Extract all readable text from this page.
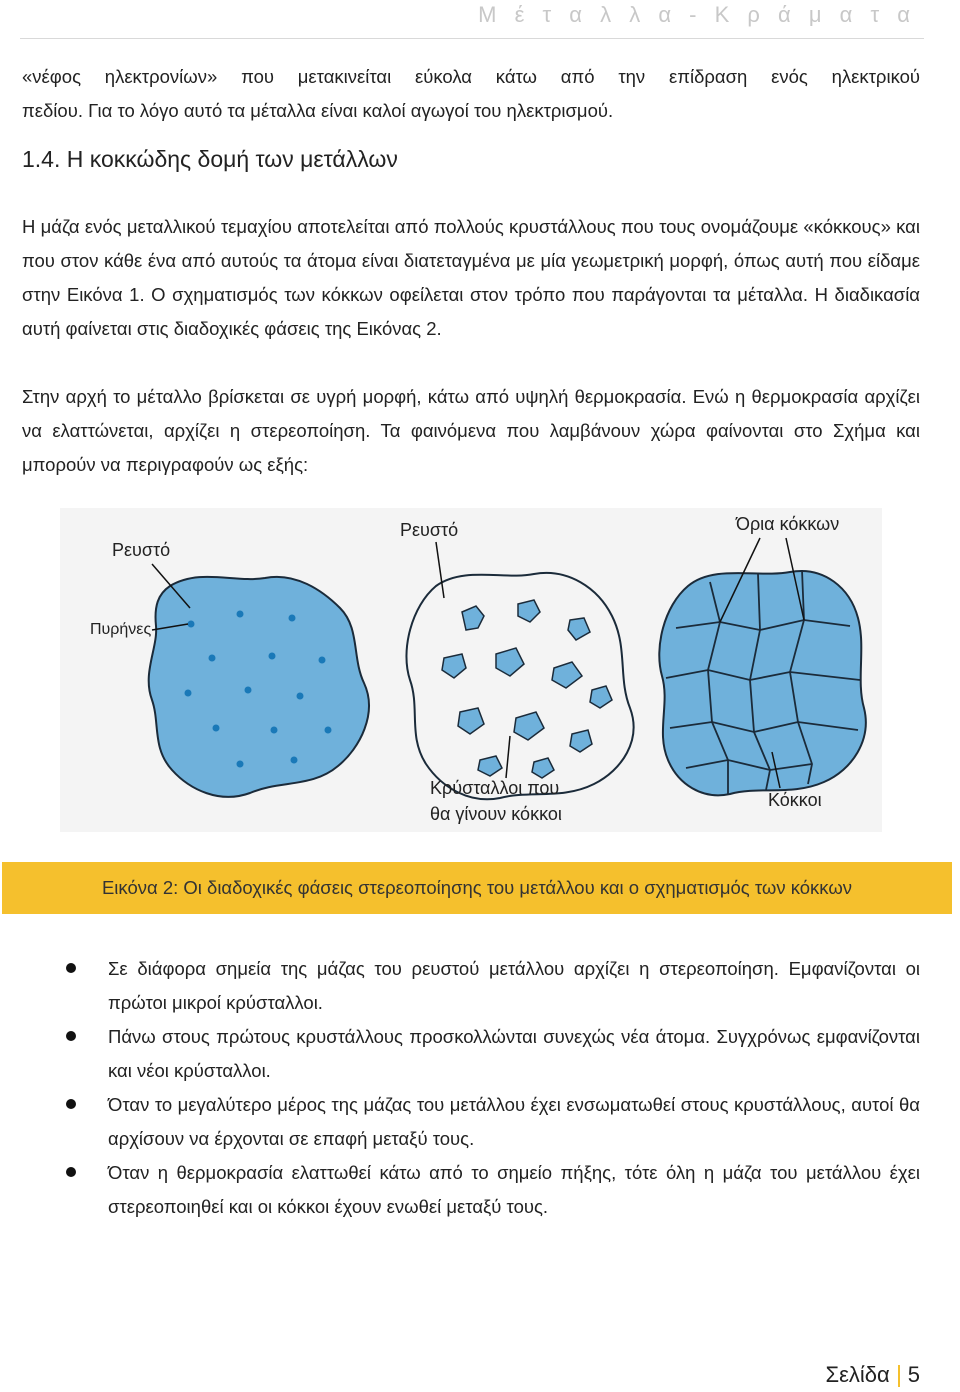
Μ έ τ α λ λ α - Κ ρ ά μ α τ α

«νέφος ηλεκτρονίων» που μετακινείται εύκολα κάτω από την επίδραση ενός ηλεκτρικού

πεδίου. Για το λόγο αυτό τα μέταλλα είναι καλοί αγωγοί του ηλεκτρισμού.

1.4. Η κοκκώδης δομή των μετάλλων

Η μάζα ενός μεταλλικού τεμαχίου αποτελείται από πολλούς κρυστάλλους που τους ονομάζουμε «κόκκους» και που στον κάθε ένα από αυτούς τα άτομα είναι διατεταγμένα με μία γεωμετρική μορφή, όπως αυτή που είδαμε στην Εικόνα 1. Ο σχηματισμός των κόκκων οφείλεται στον τρόπο που παράγονται τα μέταλλα. Η διαδικασία αυτή φαίνεται στις διαδοχικές φάσεις της Εικόνας 2.

Στην αρχή το μέταλλο βρίσκεται σε υγρή μορφή, κάτω από υψηλή θερμοκρασία. Ενώ η θερμοκρασία αρχίζει να ελαττώνεται, αρχίζει η στερεοποίηση. Τα φαινόμενα που λαμβάνουν χώρα φαίνονται στο Σχήμα και μπορούν να περιγραφούν ως εξής:

Ρευστό
Πυρήνες
Ρευστό
Κρύσταλλοι που
θα γίνουν κόκκοι
Όρια κόκκων
Κόκκοι
Εικόνα 2: Οι διαδοχικές φάσεις στερεοποίησης του μετάλλου και ο σχηματισμός των κόκκων
Σε διάφορα σημεία της μάζας του ρευστού μετάλλου αρχίζει η στερεοποίηση. Εμφανίζονται οι πρώτοι μικροί κρύσταλλοι.
Πάνω στους πρώτους κρυστάλλους προσκολλώνται συνεχώς νέα άτομα. Συγχρόνως εμφανίζονται και νέοι κρύσταλλοι.
Όταν το μεγαλύτερο μέρος της μάζας του μετάλλου έχει ενσωματωθεί στους κρυστάλλους, αυτοί θα αρχίσουν να έρχονται σε επαφή μεταξύ τους.
Όταν η θερμοκρασία ελαττωθεί κάτω από το σημείο πήξης, τότε όλη η μάζα του μετάλλου έχει στερεοποιηθεί και οι κόκκοι έχουν ενωθεί μεταξύ τους.
Σελίδα 5
